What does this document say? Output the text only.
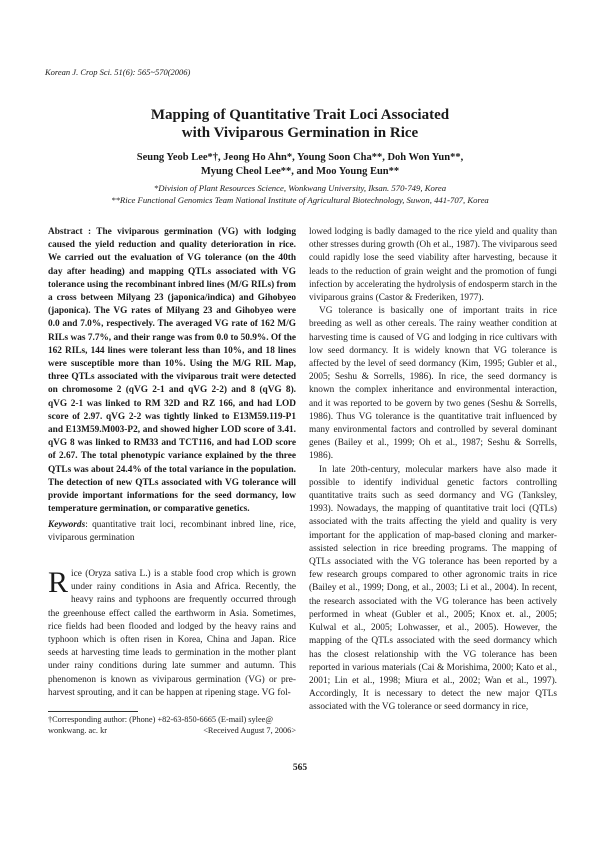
Korean J. Crop Sci. 51(6): 565~570(2006)
Mapping of Quantitative Trait Loci Associated
with Viviparous Germination in Rice
Seung Yeob Lee*†, Jeong Ho Ahn*, Young Soon Cha**, Doh Won Yun**,
Myung Cheol Lee**, and Moo Young Eun**
*Division of Plant Resources Science, Wonkwang University, Iksan. 570-749, Korea
**Rice Functional Genomics Team National Institute of Agricultural Biotechnology, Suwon, 441-707, Korea
Abstract : The viviparous germination (VG) with lodging caused the yield reduction and quality deterioration in rice. We carried out the evaluation of VG tolerance (on the 40th day after heading) and mapping QTLs associated with VG tolerance using the recombinant inbred lines (M/G RILs) from a cross between Milyang 23 (japonica/indica) and Gihobyeo (japonica). The VG rates of Milyang 23 and Gihobyeo were 0.0 and 7.0%, respectively. The averaged VG rate of 162 M/G RILs was 7.7%, and their range was from 0.0 to 50.9%. Of the 162 RILs, 144 lines were tolerant less than 10%, and 18 lines were susceptible more than 10%. Using the M/G RIL Map, three QTLs associated with the viviparous trait were detected on chromosome 2 (qVG 2-1 and qVG 2-2) and 8 (qVG 8). qVG 2-1 was linked to RM 32D and RZ 166, and had LOD score of 2.97. qVG 2-2 was tightly linked to E13M59.119-P1 and E13M59.M003-P2, and showed higher LOD score of 3.41. qVG 8 was linked to RM33 and TCT116, and had LOD score of 2.67. The total phenotypic variance explained by the three QTLs was about 24.4% of the total variance in the population. The detection of new QTLs associated with VG tolerance will provide important informations for the seed dormancy, low temperature germination, or comparative genetics.
Keywords: quantitative trait loci, recombinant inbred line, rice, viviparous germination
Rice (Oryza sativa L.) is a stable food crop which is grown under rainy conditions in Asia and Africa. Recently, the heavy rains and typhoons are frequently occurred through the greenhouse effect called the earthworm in Asia. Sometimes, rice fields had been flooded and lodged by the heavy rains and typhoon which is often risen in Korea, China and Japan. Rice seeds at harvesting time leads to germination in the mother plant under rainy conditions during late summer and autumn. This phenomenon is known as viviparous germination (VG) or pre-harvest sprouting, and it can be happen at ripening stage. VG fol-
†Corresponding author: (Phone) +82-63-850-6665 (E-mail) sylee@
wonkwang. ac. kr	<Received August 7, 2006>

lowed lodging is badly damaged to the rice yield and quality than other stresses during growth (Oh et al., 1987). The viviparous seed could rapidly lose the seed viability after harvesting, because it leads to the reduction of grain weight and the promotion of fungi infection by accelerating the hydrolysis of endosperm starch in the viviparous grains (Castor & Frederiken, 1977).

VG tolerance is basically one of important traits in rice breeding as well as other cereals. The rainy weather condition at harvesting time is caused of VG and lodging in rice cultivars with low seed dormancy. It is widely known that VG tolerance is affected by the level of seed dormancy (Kim, 1995; Gubler et al., 2005; Seshu & Sorrells, 1986). In rice, the seed dormancy is known the complex inheritance and environmental interaction, and it was reported to be govern by two genes (Seshu & Sorrells, 1986). Thus VG tolerance is the quantitative trait influenced by many environmental factors and controlled by several dominant genes (Bailey et al., 1999; Oh et al., 1987; Seshu & Sorrells, 1986).

In late 20th-century, molecular markers have also made it possible to identify individual genetic factors controlling quantitative traits such as seed dormancy and VG (Tanksley, 1993). Nowadays, the mapping of quantitative trait loci (QTLs) associated with the traits affecting the yield and quality is very important for the application of map-based cloning and marker-assisted selection in rice breeding programs. The mapping of QTLs associated with the VG tolerance has been reported by a few research groups compared to other agronomic traits in rice (Bailey et al., 1999; Dong, et al., 2003; Li et al., 2004). In recent, the research associated with the VG tolerance has been actively performed in wheat (Gubler et al., 2005; Knox et. al., 2005; Kulwal et al., 2005; Lohwasser, et al., 2005). However, the mapping of the QTLs associated with the seed dormancy which has the closest relationship with the VG tolerance has been reported in various materials (Cai & Morishima, 2000; Kato et al., 2001; Lin et al., 1998; Miura et al., 2002; Wan et al., 1997). Accordingly, It is necessary to detect the new major QTLs associated with the VG tolerance or seed dormancy in rice,

565
